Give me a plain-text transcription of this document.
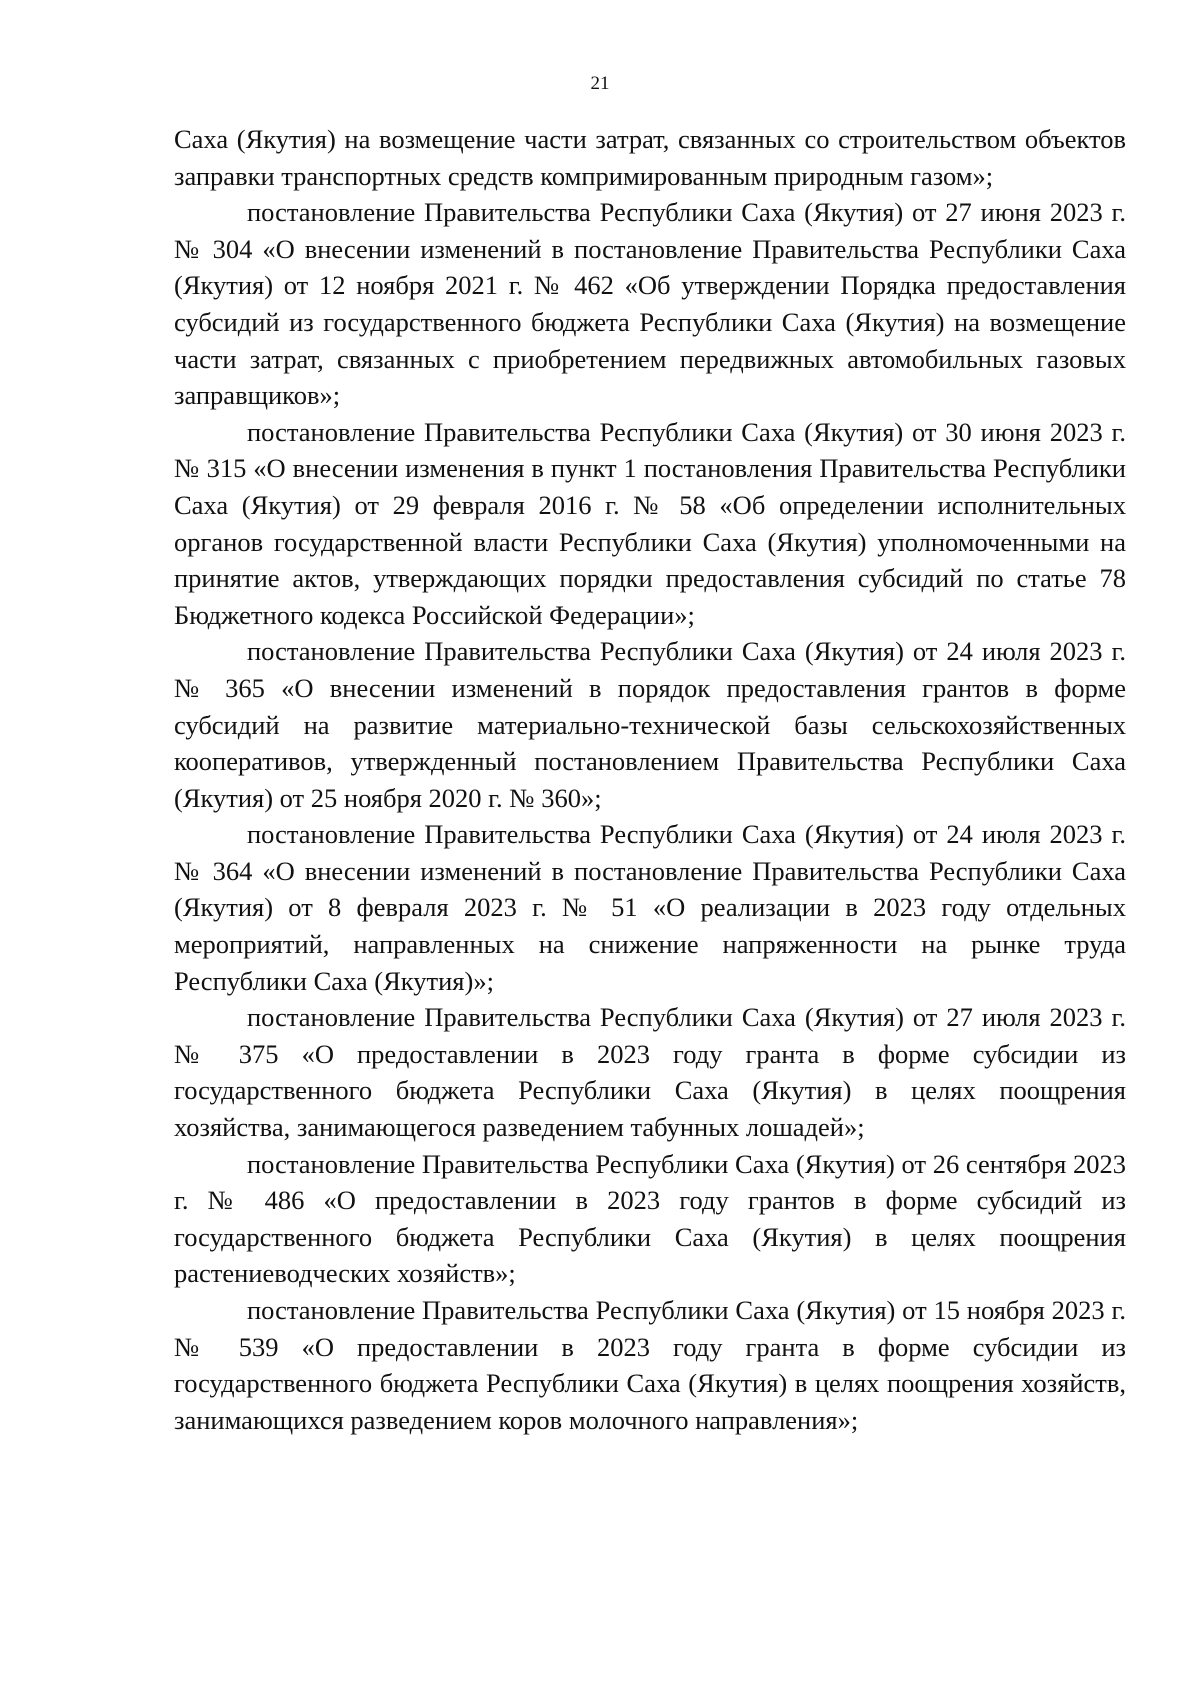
21

Саха (Якутия) на возмещение части затрат, связанных со строительством объектов заправки транспортных средств компримированным природным газом»;

постановление Правительства Республики Саха (Якутия) от 27 июня 2023 г. № 304 «О внесении изменений в постановление Правительства Республики Саха (Якутия) от 12 ноября 2021 г. № 462 «Об утверждении Порядка предоставления субсидий из государственного бюджета Республики Саха (Якутия) на возмещение части затрат, связанных с приобретением передвижных автомобильных газовых заправщиков»;

постановление Правительства Республики Саха (Якутия) от 30 июня 2023 г. № 315 «О внесении изменения в пункт 1 постановления Правительства Республики Саха (Якутия) от 29 февраля 2016 г. № 58 «Об определении исполнительных органов государственной власти Республики Саха (Якутия) уполномоченными на принятие актов, утверждающих порядки предоставления субсидий по статье 78 Бюджетного кодекса Российской Федерации»;

постановление Правительства Республики Саха (Якутия) от 24 июля 2023 г. № 365 «О внесении изменений в порядок предоставления грантов в форме субсидий на развитие материально-технической базы сельскохозяйственных кооперативов, утвержденный постановлением Правительства Республики Саха (Якутия) от 25 ноября 2020 г. № 360»;

постановление Правительства Республики Саха (Якутия) от 24 июля 2023 г. № 364 «О внесении изменений в постановление Правительства Республики Саха (Якутия) от 8 февраля 2023 г. № 51 «О реализации в 2023 году отдельных мероприятий, направленных на снижение напряженности на рынке труда Республики Саха (Якутия)»;

постановление Правительства Республики Саха (Якутия) от 27 июля 2023 г. № 375 «О предоставлении в 2023 году гранта в форме субсидии из государственного бюджета Республики Саха (Якутия) в целях поощрения хозяйства, занимающегося разведением табунных лошадей»;

постановление Правительства Республики Саха (Якутия) от 26 сентября 2023 г. № 486 «О предоставлении в 2023 году грантов в форме субсидий из государственного бюджета Республики Саха (Якутия) в целях поощрения растениеводческих хозяйств»;

постановление Правительства Республики Саха (Якутия) от 15 ноября 2023 г. № 539 «О предоставлении в 2023 году гранта в форме субсидии из государственного бюджета Республики Саха (Якутия) в целях поощрения хозяйств, занимающихся разведением коров молочного направления»;
